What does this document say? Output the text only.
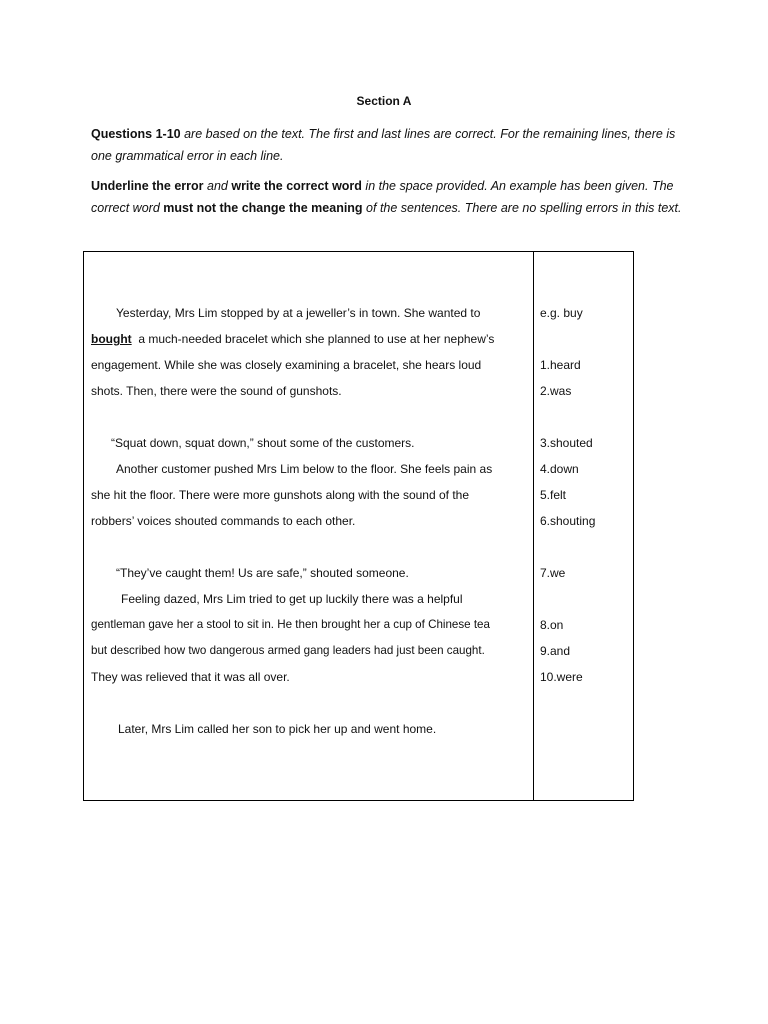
Section A
Questions 1-10 are based on the text. The first and last lines are correct. For the remaining lines, there is
one grammatical error in each line.
Underline the error and write the correct word in the space provided. An example has been given. The
correct word must not the change the meaning of the sentences. There are no spelling errors in this text.
Yesterday, Mrs Lim stopped by at a jeweller’s in town. She wanted to
bought  a much-needed bracelet which she planned to use at her nephew’s
engagement. While she was closely examining a bracelet, she hears loud
shots. Then, there were the sound of gunshots.
“Squat down, squat down,” shout some of the customers.
Another customer pushed Mrs Lim below to the floor. She feels pain as
she hit the floor. There were more gunshots along with the sound of the
robbers’ voices shouted commands to each other.
“They’ve caught them! Us are safe,” shouted someone.
Feeling dazed, Mrs Lim tried to get up luckily there was a helpful
gentleman gave her a stool to sit in. He then brought her a cup of Chinese tea
but described how two dangerous armed gang leaders had just been caught.
They was relieved that it was all over.
Later, Mrs Lim called her son to pick her up and went home.
e.g. buy
1.heard
2.was
3.shouted
4.down
5.felt
6.shouting
7.we
8.on
9.and
10.were
